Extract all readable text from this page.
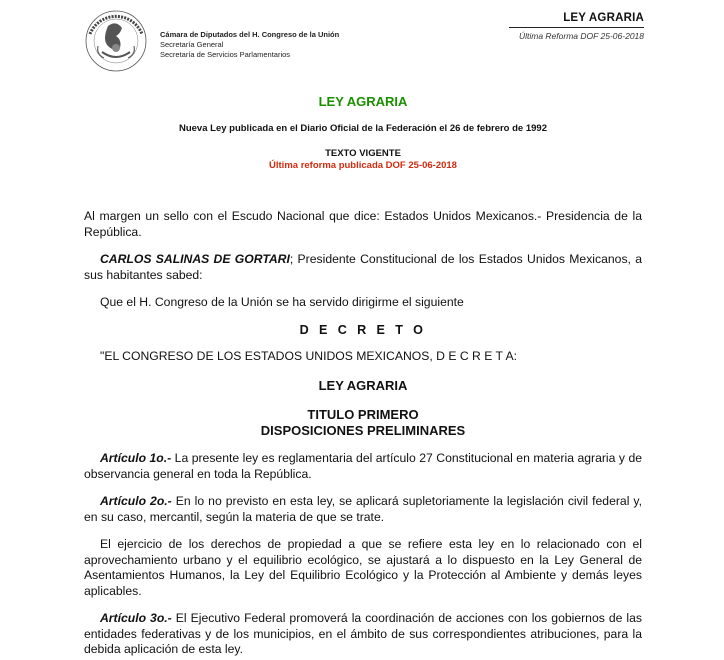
Cámara de Diputados del H. Congreso de la Unión
Secretaría General
Secretaría de Servicios Parlamentarios
LEY AGRARIA
Última Reforma DOF 25-06-2018
LEY AGRARIA
Nueva Ley publicada en el Diario Oficial de la Federación el 26 de febrero de 1992
TEXTO VIGENTE
Última reforma publicada DOF 25-06-2018

Al margen un sello con el Escudo Nacional que dice: Estados Unidos Mexicanos.- Presidencia de la República.

CARLOS SALINAS DE GORTARI; Presidente Constitucional de los Estados Unidos Mexicanos, a sus habitantes sabed:

Que el H. Congreso de la Unión se ha servido dirigirme el siguiente

D E C R E T O

"EL CONGRESO DE LOS ESTADOS UNIDOS MEXICANOS, D E C R E T A:

LEY AGRARIA
TITULO PRIMERO
DISPOSICIONES PRELIMINARES

Artículo 1o.- La presente ley es reglamentaria del artículo 27 Constitucional en materia agraria y de observancia general en toda la República.

Artículo 2o.- En lo no previsto en esta ley, se aplicará supletoriamente la legislación civil federal y, en su caso, mercantil, según la materia de que se trate.

El ejercicio de los derechos de propiedad a que se refiere esta ley en lo relacionado con el aprovechamiento urbano y el equilibrio ecológico, se ajustará a lo dispuesto en la Ley General de Asentamientos Humanos, la Ley del Equilibrio Ecológico y la Protección al Ambiente y demás leyes aplicables.

Artículo 3o.- El Ejecutivo Federal promoverá la coordinación de acciones con los gobiernos de las entidades federativas y de los municipios, en el ámbito de sus correspondientes atribuciones, para la debida aplicación de esta ley.
